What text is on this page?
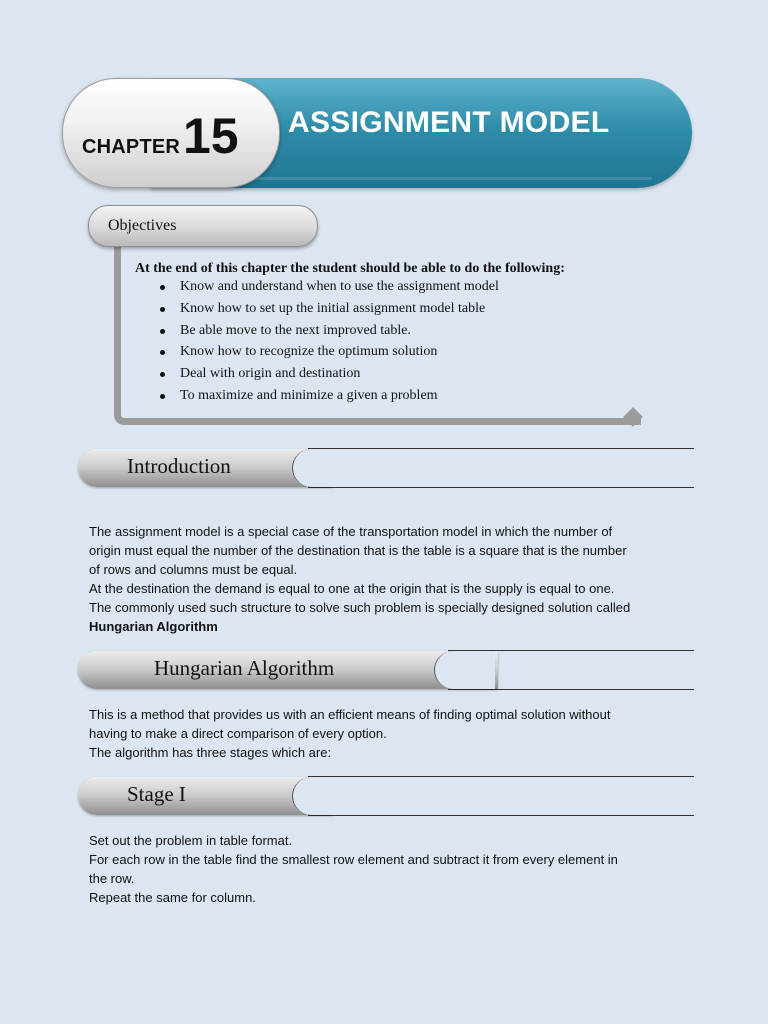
CHAPTER 15 ASSIGNMENT MODEL
Objectives
At the end of this chapter the student should be able to do the following:
Know and understand when to use the assignment model
Know how to set up the initial assignment model table
Be able move to the next improved table.
Know how to recognize the optimum solution
Deal with origin and destination
To maximize and minimize a given a problem
Introduction

The assignment model is a special case of the transportation model in which the number of

origin must equal the number of the destination that is the table is a square that is the number

of rows and columns must be equal.

At the destination the demand is equal to one at the origin that is the supply is equal to one.

The commonly used such structure to solve such problem is specially designed solution called

Hungarian Algorithm

Hungarian Algorithm

This is a method that provides us with an efficient means of finding optimal solution without

having to make a direct comparison of every option.

The algorithm has three stages which are:

Stage I

Set out the problem in table format.

For each row in the table find the smallest row element and subtract it from every element in

the row.

Repeat the same for column.
